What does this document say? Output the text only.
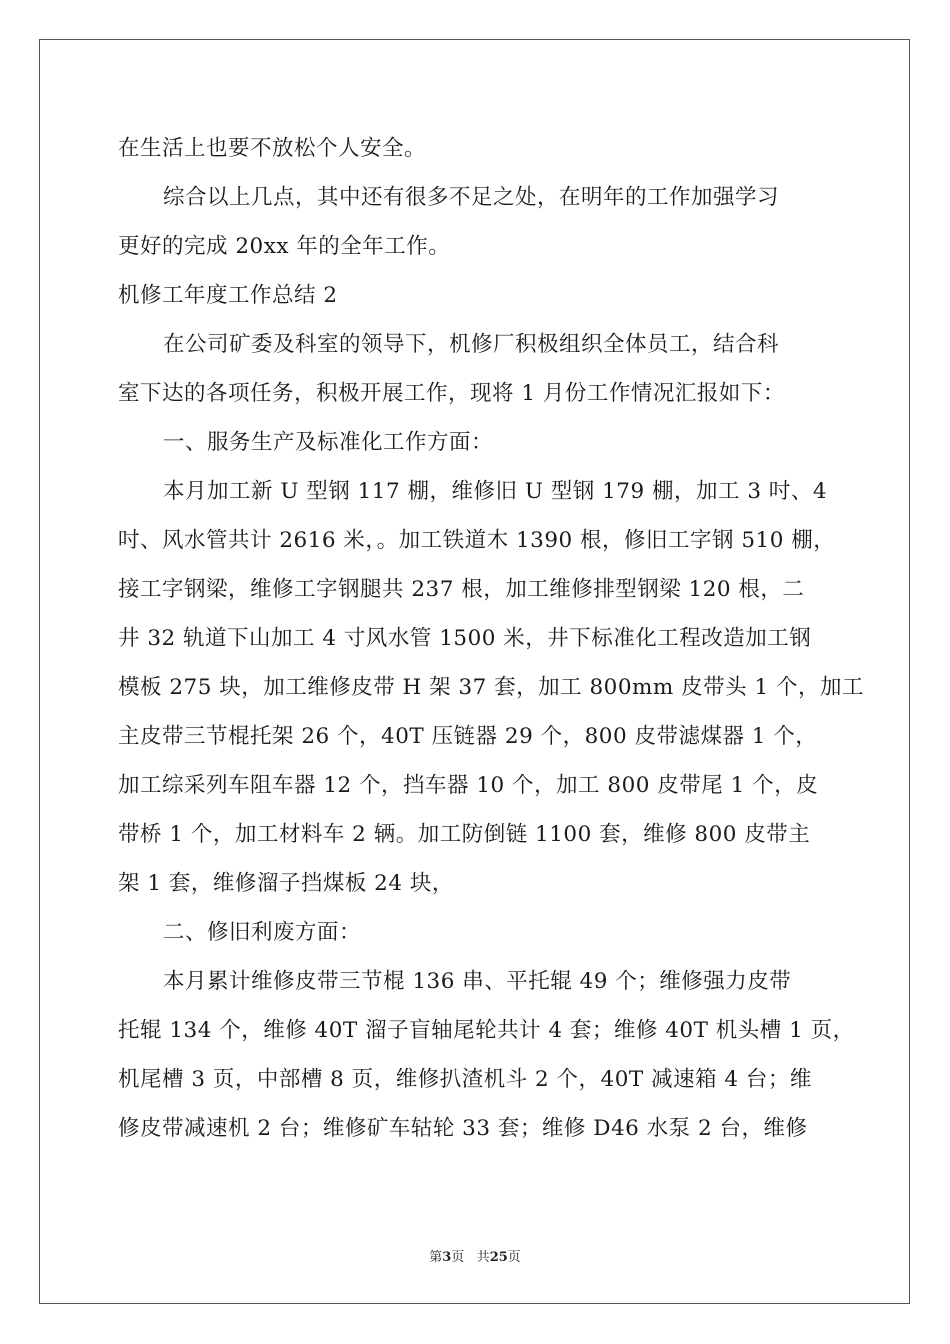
在生活上也要不放松个人安全。
综合以上几点，其中还有很多不足之处，在明年的工作加强学习
更好的完成 20xx 年的全年工作。
机修工年度工作总结 2
在公司矿委及科室的领导下，机修厂积极组织全体员工，结合科
室下达的各项任务，积极开展工作，现将 1 月份工作情况汇报如下：
一、服务生产及标准化工作方面：
本月加工新 U 型钢 117 棚，维修旧 U 型钢 179 棚，加工 3 吋、4
吋、风水管共计 2616 米，。加工铁道木 1390 根，修旧工字钢 510 棚，
接工字钢梁，维修工字钢腿共 237 根，加工维修排型钢梁 120 根，二
井 32 轨道下山加工 4 寸风水管 1500 米，井下标准化工程改造加工钢
模板 275 块，加工维修皮带 H 架 37 套，加工 800mm 皮带头 1 个，加工
主皮带三节棍托架 26 个，40T 压链器 29 个，800 皮带滤煤器 1 个，
加工综采列车阻车器 12 个，挡车器 10 个，加工 800 皮带尾 1 个，皮
带桥 1 个，加工材料车 2 辆。加工防倒链 1100 套，维修 800 皮带主
架 1 套，维修溜子挡煤板 24 块，
二、修旧利废方面：
本月累计维修皮带三节棍 136 串、平托辊 49 个；维修强力皮带
托辊 134 个，维修 40T 溜子盲轴尾轮共计 4 套；维修 40T 机头槽 1 页，
机尾槽 3 页，中部槽 8 页，维修扒渣机斗 2 个，40T 减速箱 4 台；维
修皮带减速机 2 台；维修矿车轱轮 33 套；维修 D46 水泵 2 台，维修
第3页 共25页
